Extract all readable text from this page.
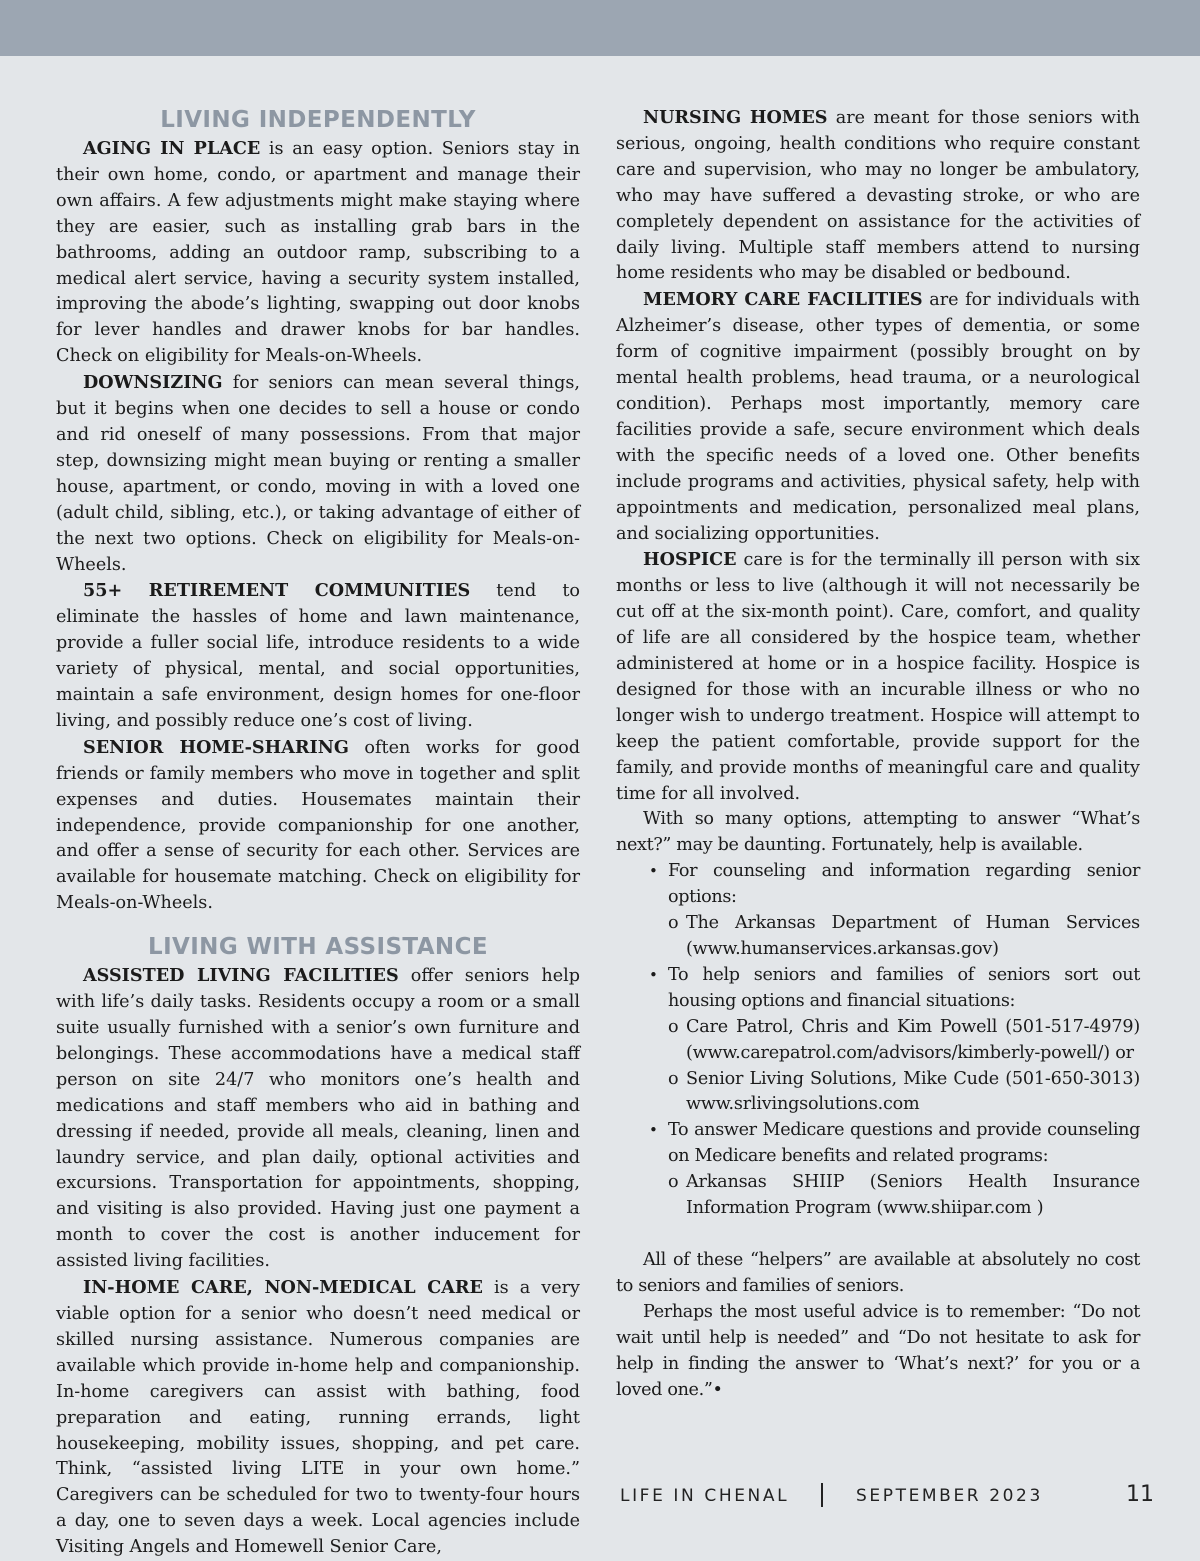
LIVING INDEPENDENTLY

AGING IN PLACE is an easy option. Seniors stay in their own home, condo, or apartment and manage their own affairs. A few adjustments might make staying where they are easier, such as installing grab bars in the bathrooms, adding an outdoor ramp, subscribing to a medical alert service, having a security system installed, improving the abode’s lighting, swapping out door knobs for lever handles and drawer knobs for bar handles. Check on eligibility for Meals-on-Wheels.

DOWNSIZING for seniors can mean several things, but it begins when one decides to sell a house or condo and rid oneself of many possessions. From that major step, downsizing might mean buying or renting a smaller house, apartment, or condo, moving in with a loved one (adult child, sibling, etc.), or taking advantage of either of the next two options. Check on eligibility for Meals-on-Wheels.

55+ RETIREMENT COMMUNITIES tend to eliminate the hassles of home and lawn maintenance, provide a fuller social life, introduce residents to a wide variety of physical, mental, and social opportunities, maintain a safe environment, design homes for one-floor living, and possibly reduce one’s cost of living.

SENIOR HOME-SHARING often works for good friends or family members who move in together and split expenses and duties. Housemates maintain their independence, provide companionship for one another, and offer a sense of security for each other. Services are available for housemate matching. Check on eligibility for Meals-on-Wheels.

LIVING WITH ASSISTANCE

ASSISTED LIVING FACILITIES offer seniors help with life’s daily tasks. Residents occupy a room or a small suite usually furnished with a senior’s own furniture and belongings. These accommodations have a medical staff person on site 24/7 who monitors one’s health and medications and staff members who aid in bathing and dressing if needed, provide all meals, cleaning, linen and laundry service, and plan daily, optional activities and excursions. Transportation for appointments, shopping, and visiting is also provided. Having just one payment a month to cover the cost is another inducement for assisted living facilities.

IN-HOME CARE, NON-MEDICAL CARE is a very viable option for a senior who doesn’t need medical or skilled nursing assistance. Numerous companies are available which provide in-home help and companionship. In-home caregivers can assist with bathing, food preparation and eating, running errands, light housekeeping, mobility issues, shopping, and pet care. Think, “assisted living LITE in your own home.” Caregivers can be scheduled for two to twenty-four hours a day, one to seven days a week. Local agencies include Visiting Angels and Homewell Senior Care,

NURSING HOMES are meant for those seniors with serious, ongoing, health conditions who require constant care and supervision, who may no longer be ambulatory, who may have suffered a devasting stroke, or who are completely dependent on assistance for the activities of daily living. Multiple staff members attend to nursing home residents who may be disabled or bedbound.

MEMORY CARE FACILITIES are for individuals with Alzheimer’s disease, other types of dementia, or some form of cognitive impairment (possibly brought on by mental health problems, head trauma, or a neurological condition). Perhaps most importantly, memory care facilities provide a safe, secure environment which deals with the specific needs of a loved one. Other benefits include programs and activities, physical safety, help with appointments and medication, personalized meal plans, and socializing opportunities.

HOSPICE care is for the terminally ill person with six months or less to live (although it will not necessarily be cut off at the six-month point). Care, comfort, and quality of life are all considered by the hospice team, whether administered at home or in a hospice facility. Hospice is designed for those with an incurable illness or who no longer wish to undergo treatment. Hospice will attempt to keep the patient comfortable, provide support for the family, and provide months of meaningful care and quality time for all involved.

With so many options, attempting to answer “What’s next?” may be daunting. Fortunately, help is available.

• For counseling and information regarding senior options:
o The Arkansas Department of Human Services (www.humanservices.arkansas.gov)
• To help seniors and families of seniors sort out housing options and financial situations:
o Care Patrol, Chris and Kim Powell (501-517-4979) (www.carepatrol.com/advisors/kimberly-powell/) or
o Senior Living Solutions, Mike Cude (501-650-3013) www.srlivingsolutions.com
• To answer Medicare questions and provide counseling on Medicare benefits and related programs:
o Arkansas SHIIP (Seniors Health Insurance Information Program (www.shiipar.com )

All of these “helpers” are available at absolutely no cost to seniors and families of seniors.

Perhaps the most useful advice is to remember: “Do not wait until help is needed” and “Do not hesitate to ask for help in finding the answer to ‘What’s next?’ for you or a loved one.”•

LIFE IN CHENAL	SEPTEMBER 2023	11
